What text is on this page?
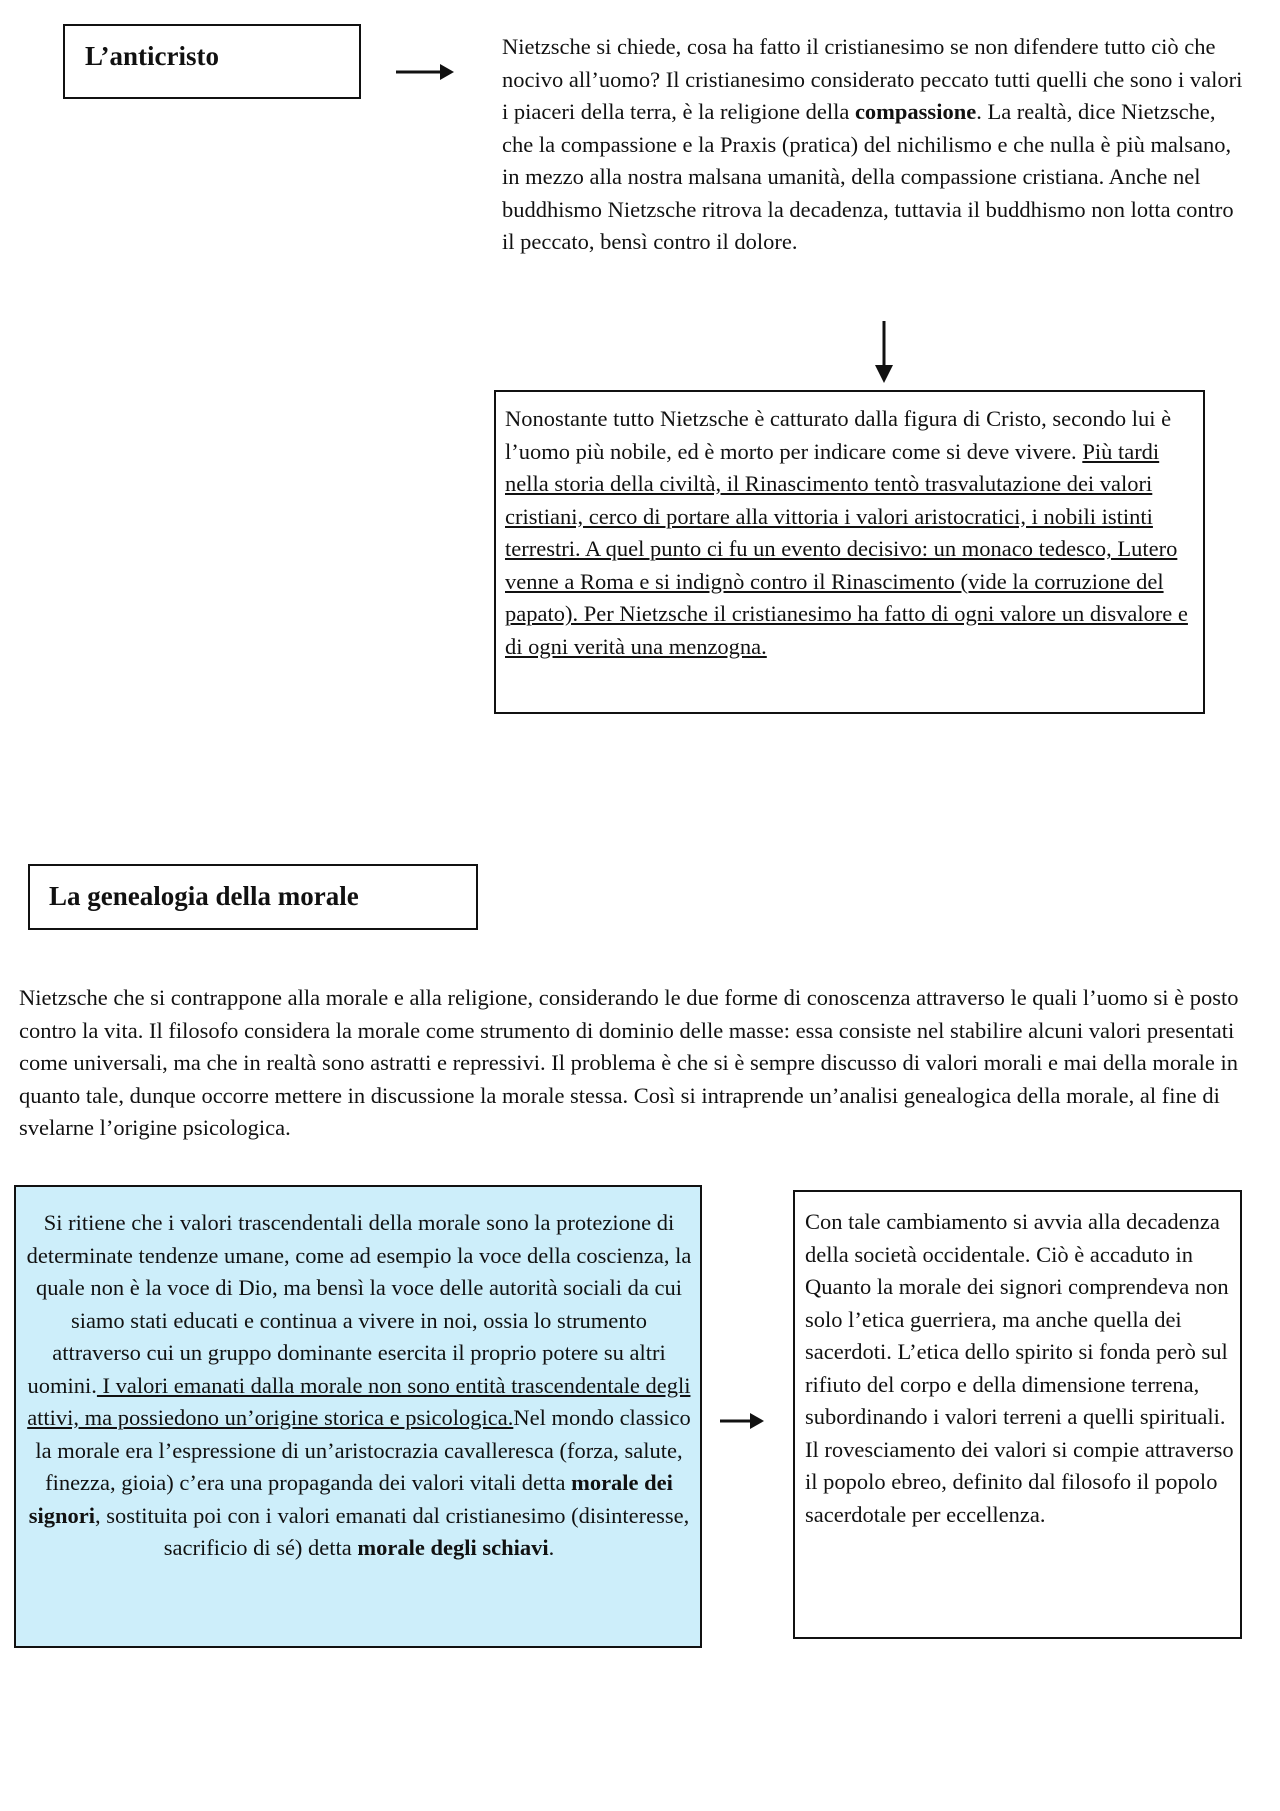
L’anticristo	Nietzsche si chiede, cosa ha fatto il cristianesimo se non difendere tutto ciò che nocivo all’uomo? Il cristianesimo considerato peccato tutti quelli che sono i valori i piaceri della terra, è la religione della compassione. La realtà, dice Nietzsche, che la compassione e la Praxis (pratica) del nichilismo e che nulla è più malsano, in mezzo alla nostra malsana umanità, della compassione cristiana. Anche nel buddhismo Nietzsche ritrova la decadenza, tuttavia il buddhismo non lotta contro il peccato, bensì contro il dolore.
Nonostante tutto Nietzsche è catturato dalla figura di Cristo, secondo lui è l’uomo più nobile, ed è morto per indicare come si deve vivere. Più tardi nella storia della civiltà, il Rinascimento tentò trasvalutazione dei valori cristiani, cerco di portare alla vittoria i valori aristocratici, i nobili istinti terrestri. A quel punto ci fu un evento decisivo: un monaco tedesco, Lutero venne a Roma e si indignò contro il Rinascimento (vide la corruzione del papato). Per Nietzsche il cristianesimo ha fatto di ogni valore un disvalore e di ogni verità una menzogna.
La genealogia della morale
Nietzsche che si contrappone alla morale e alla religione, considerando le due forme di conoscenza attraverso le quali l’uomo si è posto contro la vita. Il filosofo considera la morale come strumento di dominio delle masse: essa consiste nel stabilire alcuni valori presentati come universali, ma che in realtà sono astratti e repressivi. Il problema è che si è sempre discusso di valori morali e mai della morale in quanto tale, dunque occorre mettere in discussione la morale stessa. Così si intraprende un’analisi genealogica della morale, al fine di svelarne l’origine psicologica.
Si ritiene che i valori trascendentali della morale sono la protezione di determinate tendenze umane, come ad esempio la voce della coscienza, la quale non è la voce di Dio, ma bensì la voce delle autorità sociali da cui siamo stati educati e continua a vivere in noi, ossia lo strumento attraverso cui un gruppo dominante esercita il proprio potere su altri uomini. I valori emanati dalla morale non sono entità trascendentale degli attivi, ma possiedono un’origine storica e psicologica.Nel mondo classico la morale era l’espressione di un’aristocrazia cavalleresca (forza, salute, finezza, gioia) c’era una propaganda dei valori vitali detta morale dei signori, sostituita poi con i valori emanati dal cristianesimo (disinteresse, sacrificio di sé) detta morale degli schiavi.
Con tale cambiamento si avvia alla decadenza della società occidentale. Ciò è accaduto in Quanto la morale dei signori comprendeva non solo l’etica guerriera, ma anche quella dei sacerdoti. L’etica dello spirito si fonda però sul rifiuto del corpo e della dimensione terrena, subordinando i valori terreni a quelli spirituali. Il rovesciamento dei valori si compie attraverso il popolo ebreo, definito dal filosofo il popolo sacerdotale per eccellenza.
